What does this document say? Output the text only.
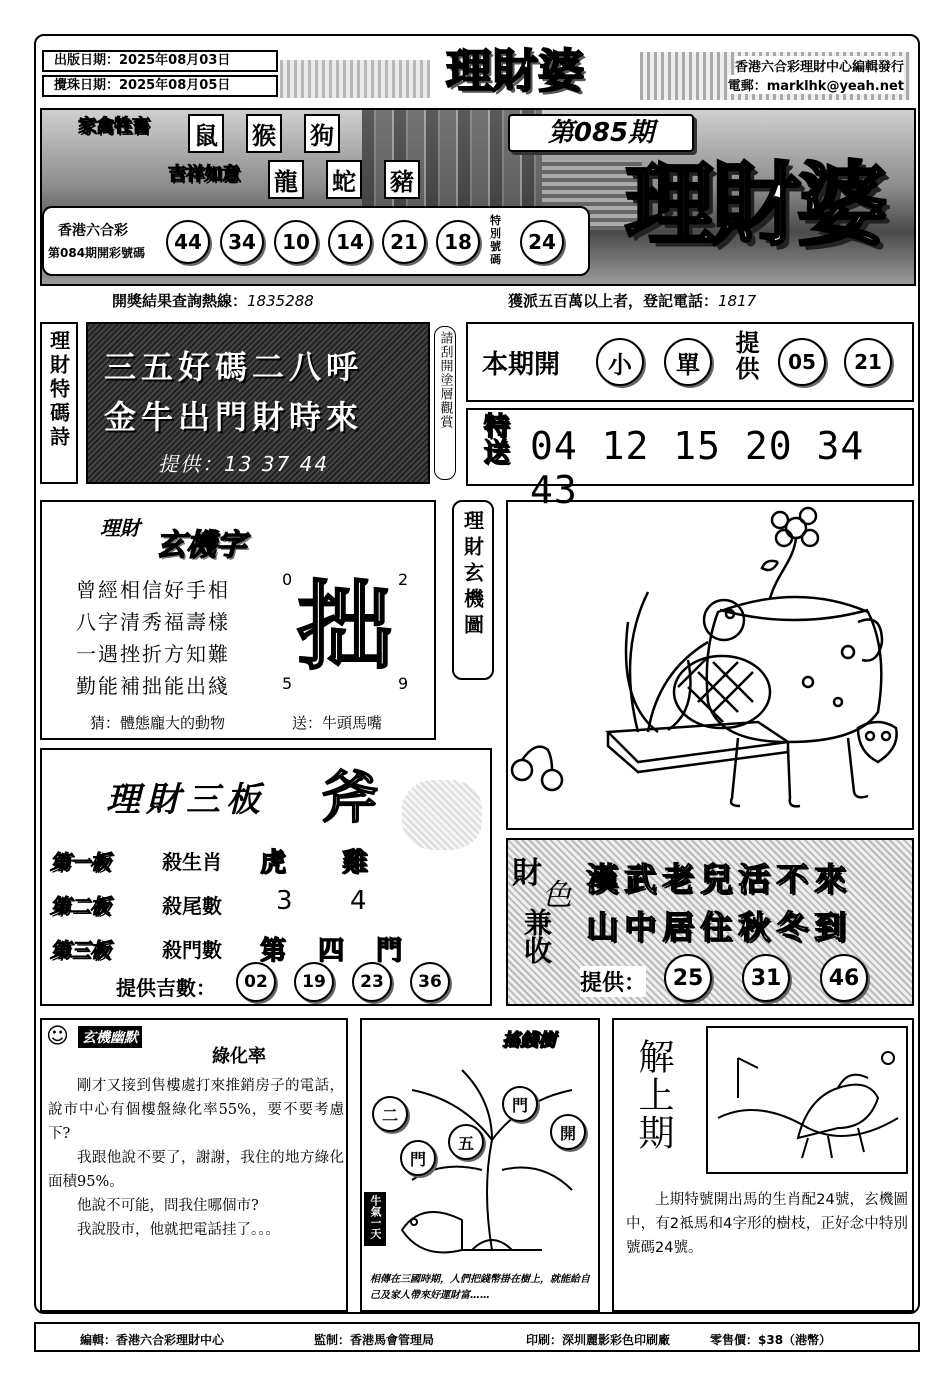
出版日期：2025年08月03日
攪珠日期：2025年08月05日	理財婆	香港六合彩理財中心編輯發行
電郵：marklhk@yeah.net
家禽牲畜	鼠 猴 狗
吉祥如意	龍 蛇 豬
第085期
理財婆
香港六合彩
第084期開彩號碼	44	34	10	14	21	18
特別號碼
24
開獎結果查詢熱線： 1835288	獲派五百萬以上者，登記電話： 1817
理財特碼詩 三五好碼二八呼
金牛出門財時來
提供：13 37 44
請刮開塗層觀賞 本期開	小	單	提供	05	21
特送 04 12 15 20 34 43
理財 玄機字
曾經相信好手相
八字清秀福壽樣
一遇挫折方知難
勤能補拙能出綫
拙
0	2
5	9
猜：體態龐大的動物	送：牛頭馬嘴
理財玄機圖
理財三板 斧
第一板	殺生肖 虎 雞
第二板	殺尾數 3 4
第三板	殺門數 第 四 門
提供吉數：	02	19	23	36
財
色
兼收
漢武老兒活不來
山中居住秋冬到
提供：	25	31	46
☺ 玄機幽默
綠化率
剛才又接到售樓處打來推銷房子的電話，說市中心有個樓盤綠化率55%，要不要考慮下?
我跟他說不要了，謝謝，我住的地方綠化面積95%。
他說不可能，問我住哪個市?
我說股市，他就把電話挂了。。。
搖錢樹
二
門
五
門
開
牛氣一天
相傳在三國時期，人們把錢幣掛在樹上，就能給自己及家人帶來好運財富……
解上期
上期特號開出馬的生肖配24號，玄機圖中，有2袛馬和4字形的樹枝，正好念中特別號碼24號。
編輯：香港六合彩理財中心	監制：香港馬會管理局	印刷：深圳麗影彩色印刷廠	零售價：$38（港幣）
